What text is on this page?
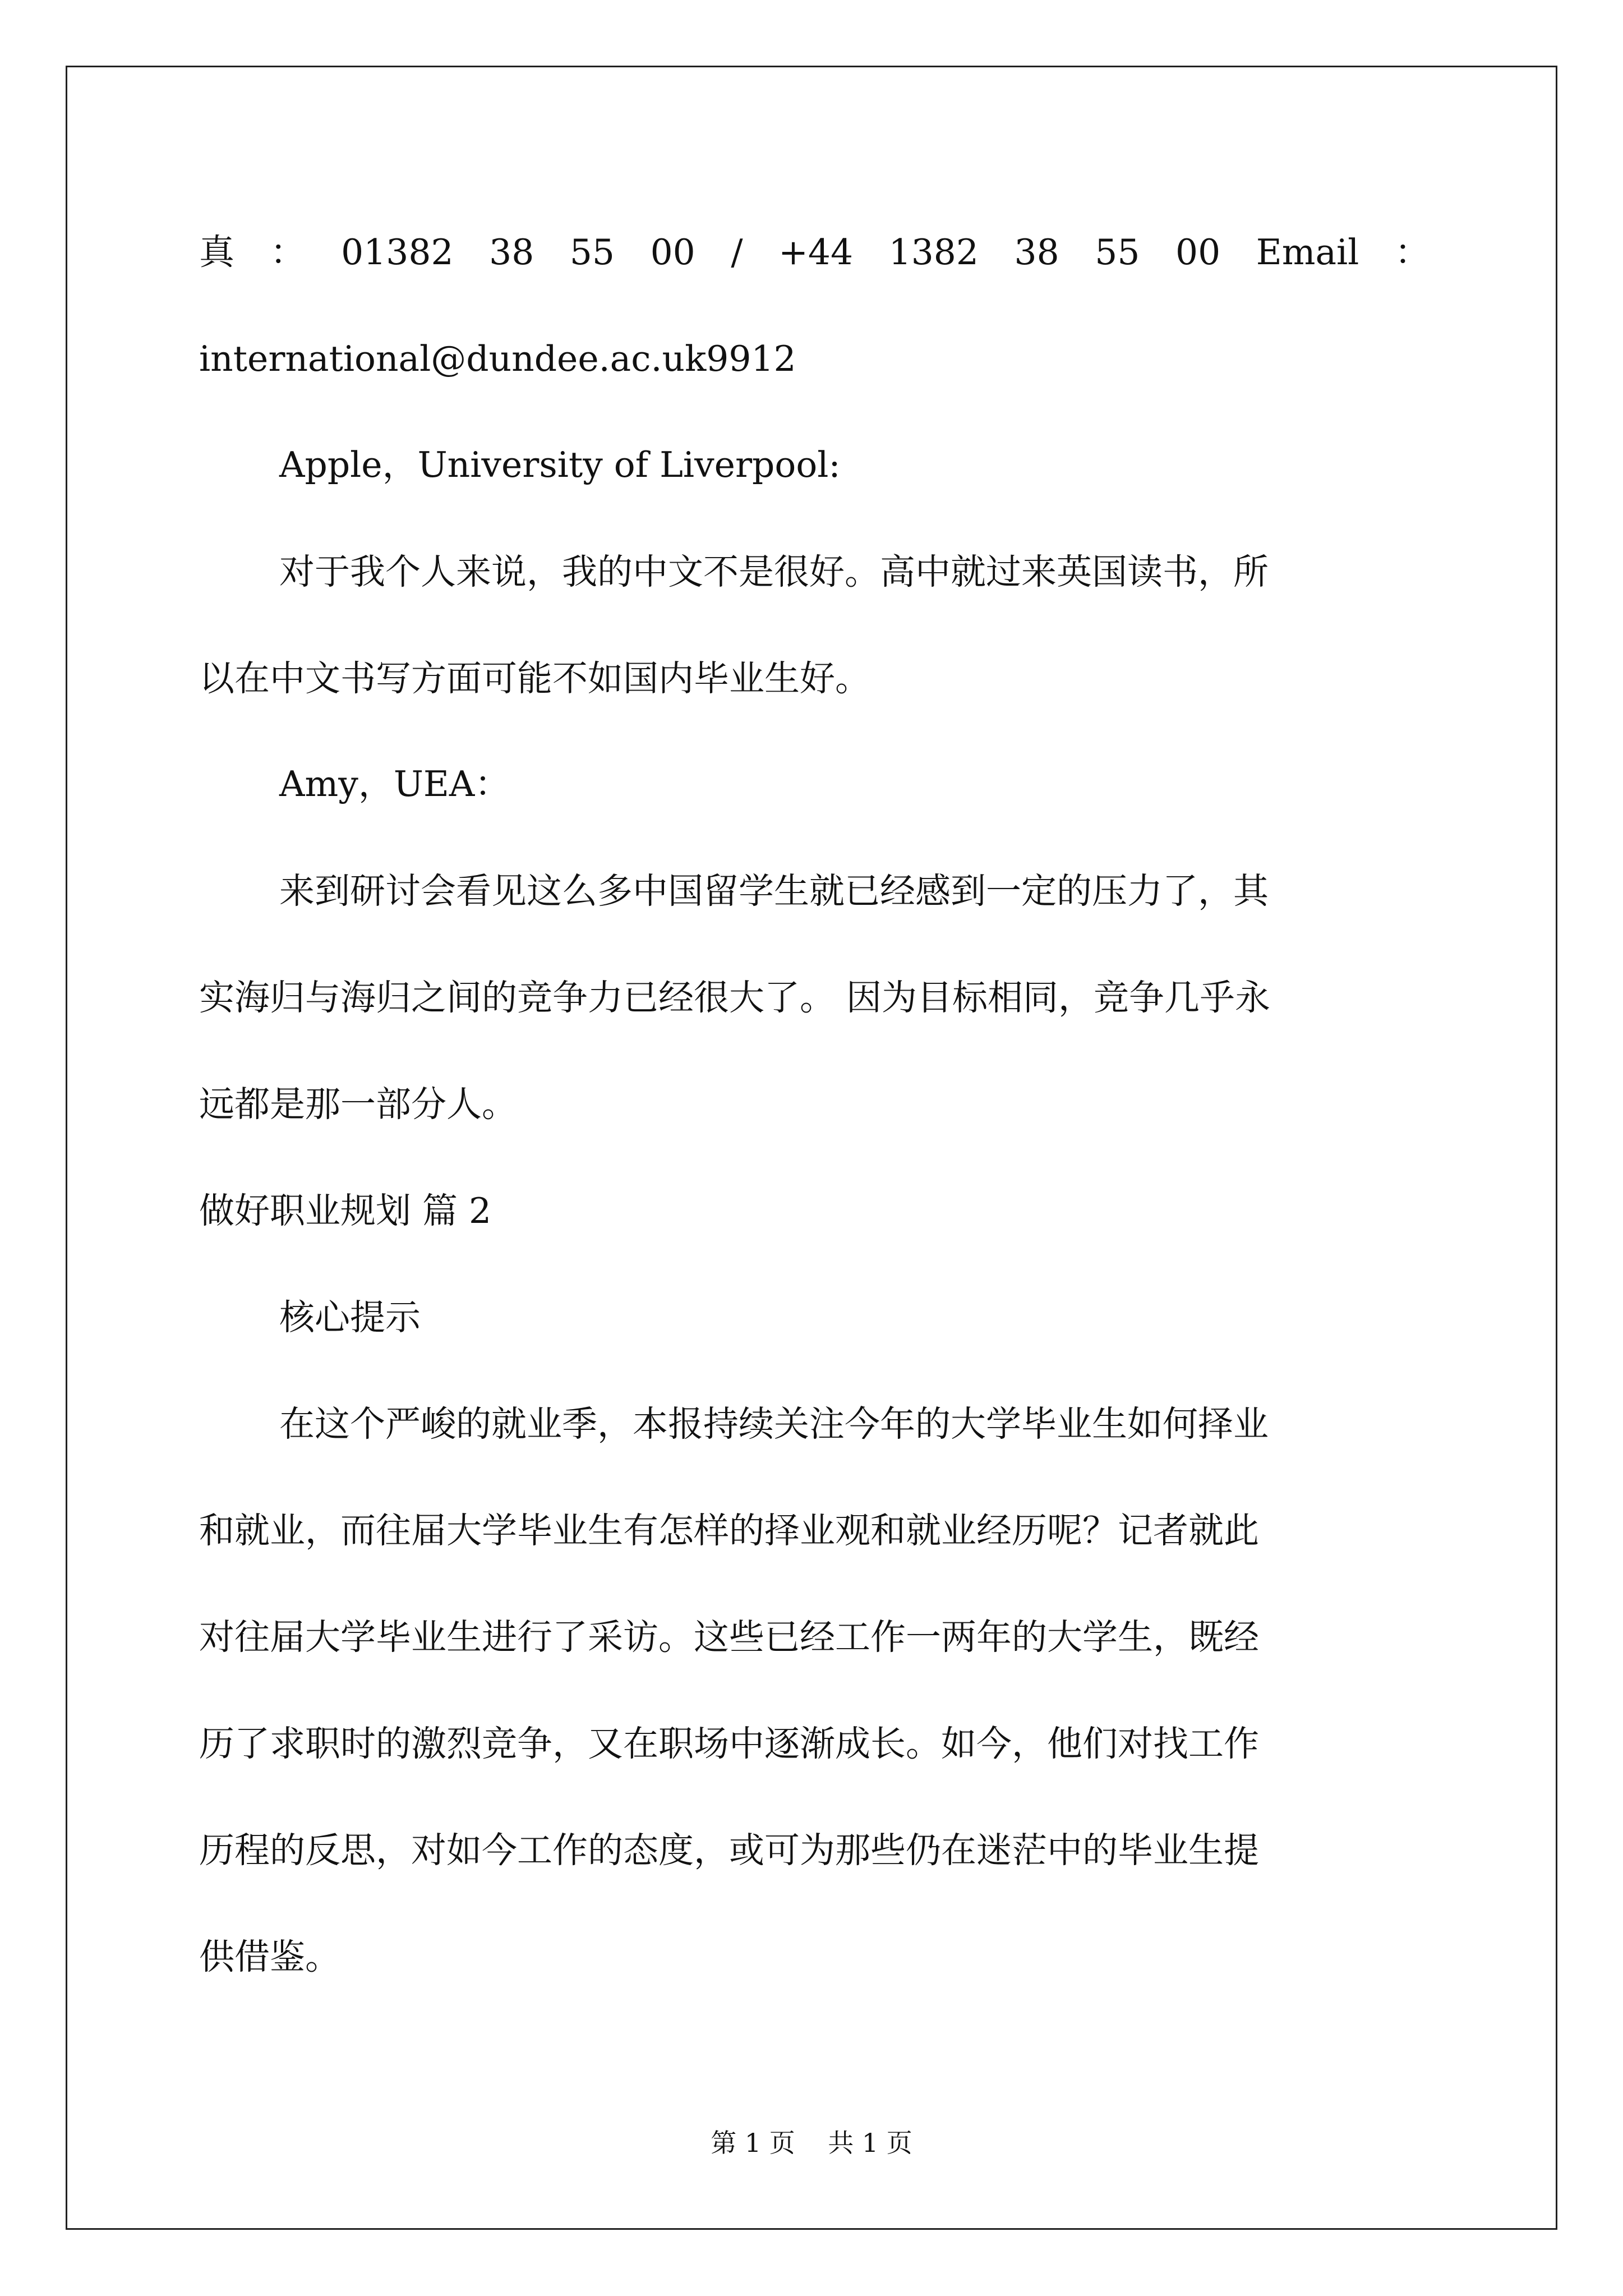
真 ： 01382 38 55 00 / +44 1382 38 55 00 Email ：
international@dundee.ac.uk9912
Apple，University of Liverpool:
对于我个人来说，我的中文不是很好。高中就过来英国读书，所
以在中文书写方面可能不如国内毕业生好。
Amy，UEA：
来到研讨会看见这么多中国留学生就已经感到一定的压力了，其
实海归与海归之间的竞争力已经很大了。 因为目标相同，竞争几乎永
远都是那一部分人。
做好职业规划 篇 2
核心提示
在这个严峻的就业季，本报持续关注今年的大学毕业生如何择业
和就业，而往届大学毕业生有怎样的择业观和就业经历呢？记者就此
对往届大学毕业生进行了采访。这些已经工作一两年的大学生，既经
历了求职时的激烈竞争，又在职场中逐渐成长。如今，他们对找工作
历程的反思，对如今工作的态度，或可为那些仍在迷茫中的毕业生提
供借鉴。
第 1 页    共 1 页
